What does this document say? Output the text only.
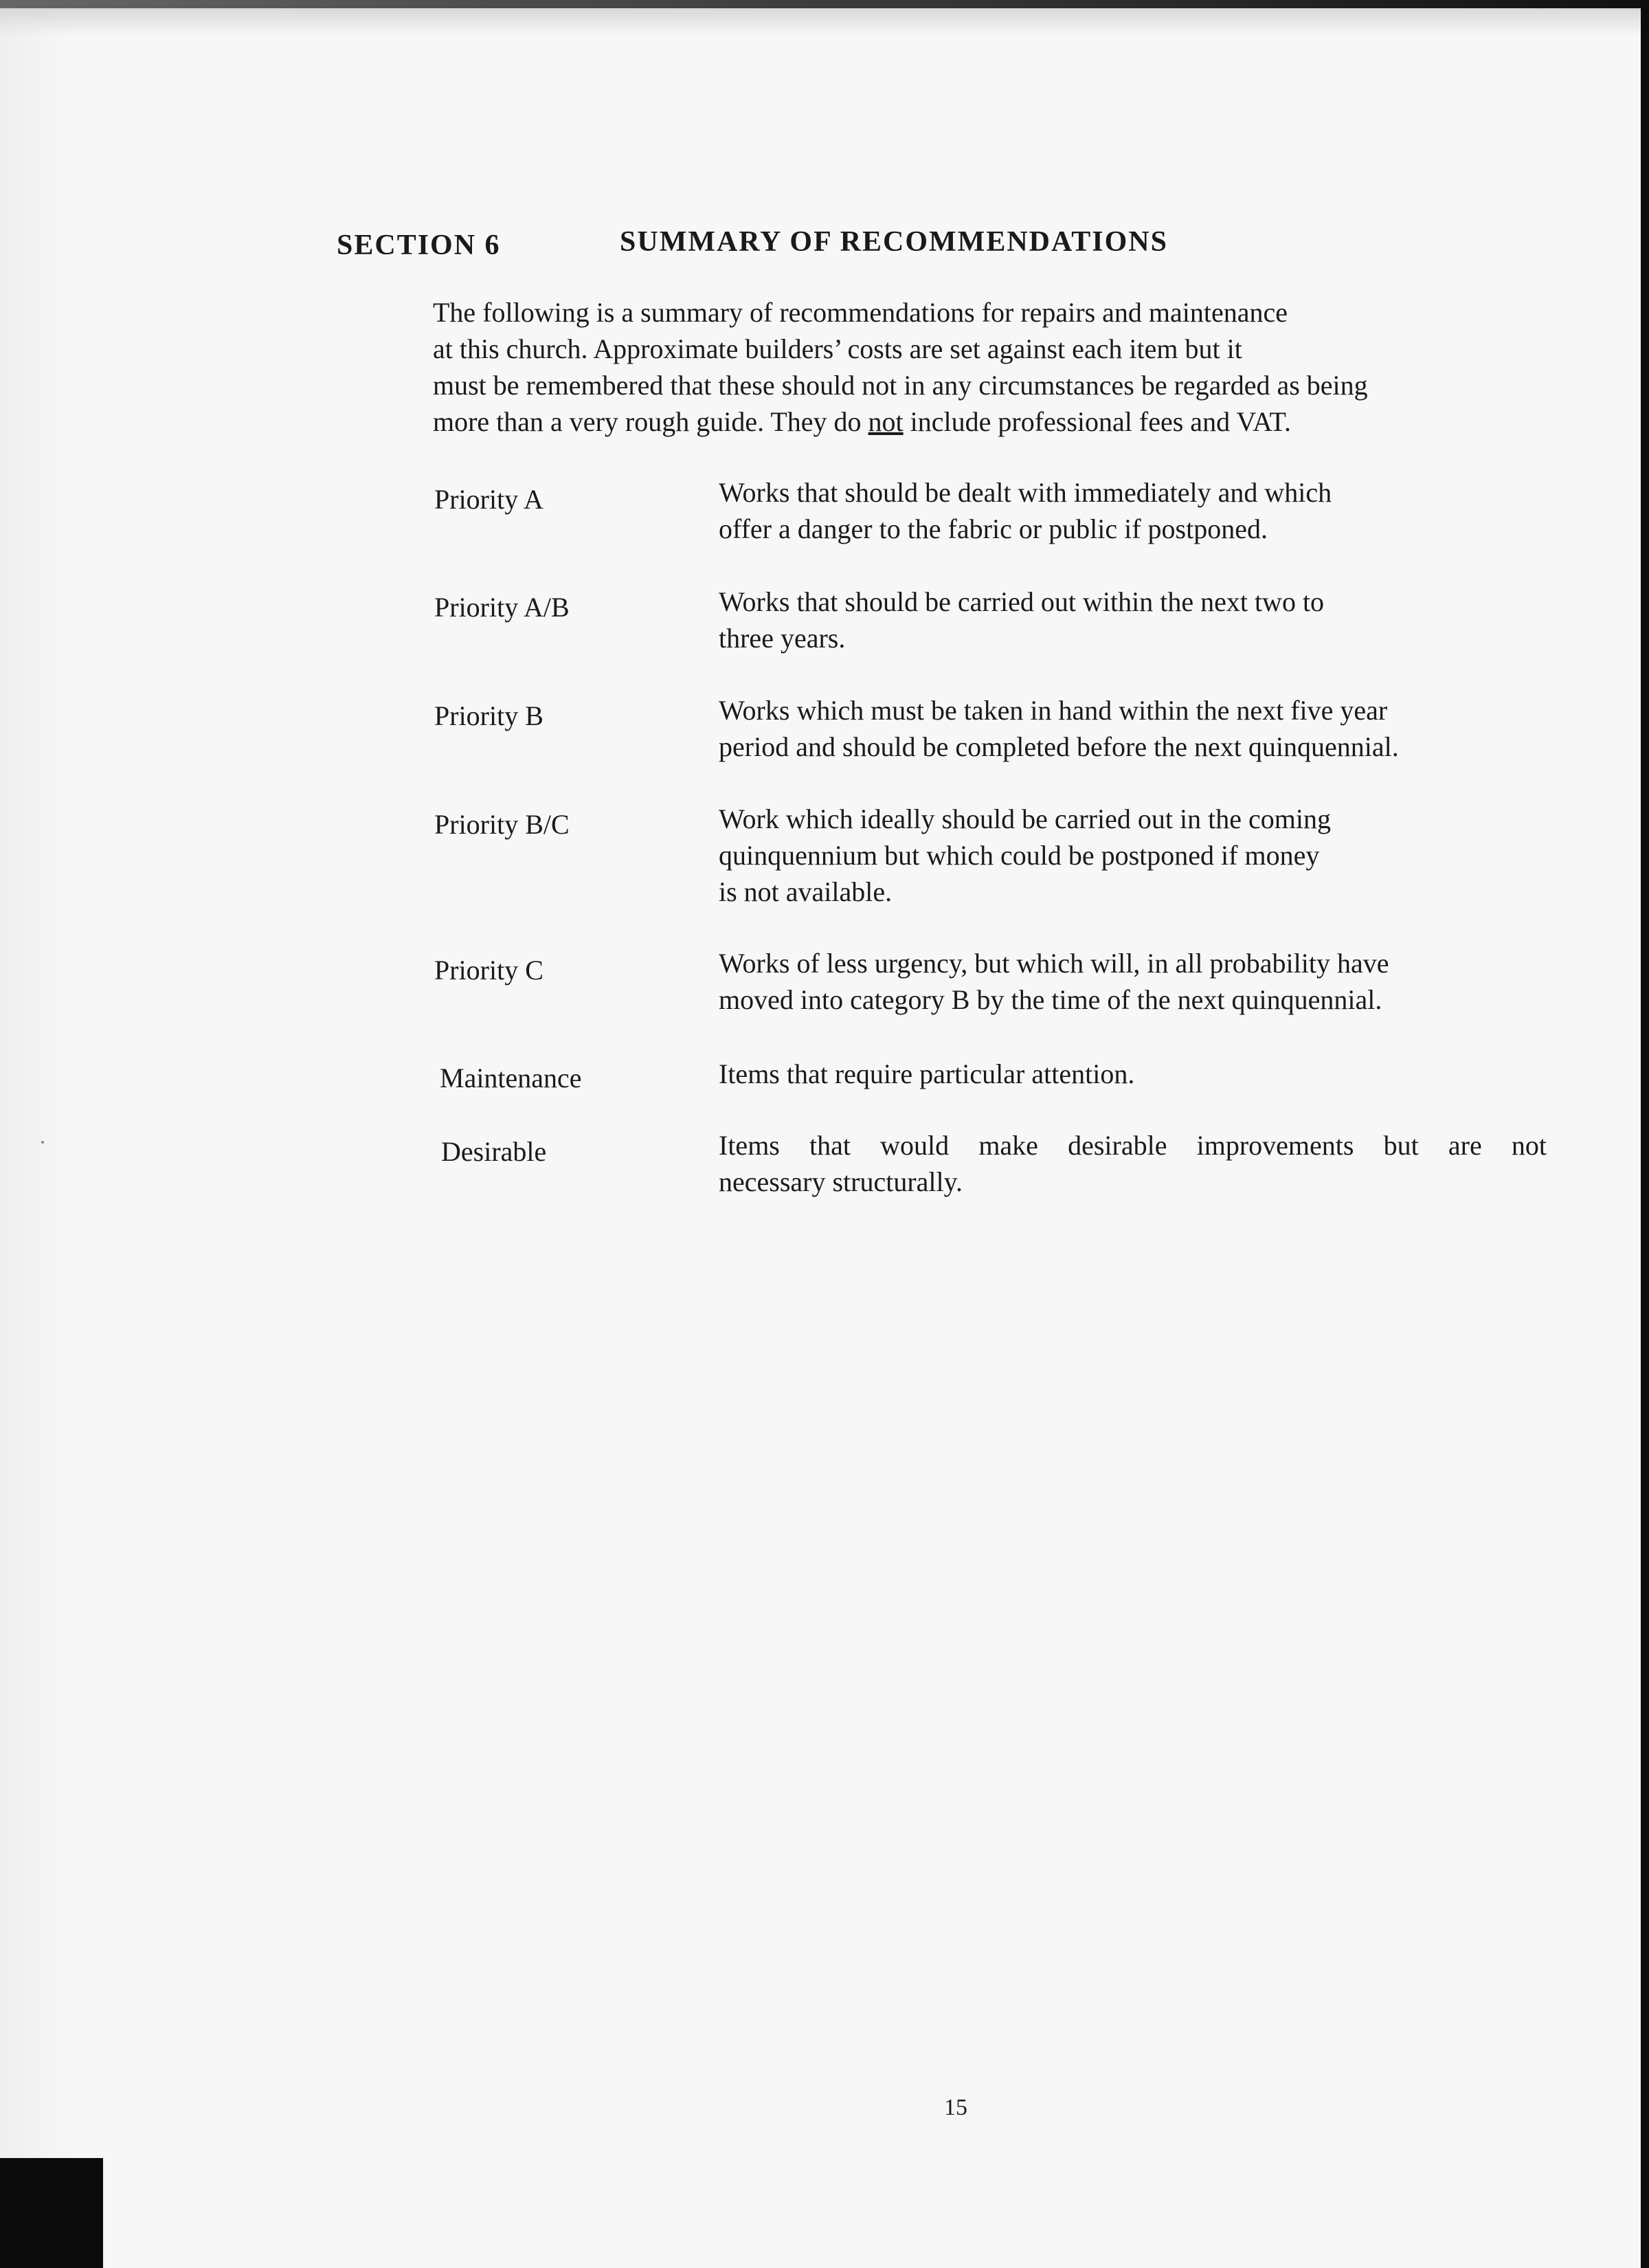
SECTION 6	SUMMARY OF RECOMMENDATIONS
The following is a summary of recommendations for repairs and maintenance
at this church. Approximate builders’ costs are set against each item but it
must be remembered that these should not in any circumstances be regarded as being
more than a very rough guide. They do not include professional fees and VAT.
Priority A	Works that should be dealt with immediately and which
offer a danger to the fabric or public if postponed.
Priority A/B	Works that should be carried out within the next two to
three years.
Priority B	Works which must be taken in hand within the next five year
period and should be completed before the next quinquennial.
Priority B/C	Work which ideally should be carried out in the coming
quinquennium but which could be postponed if money
is not available.
Priority C	Works of less urgency, but which will, in all probability have
moved into category B by the time of the next quinquennial.
Maintenance	Items that require particular attention.
Desirable	Items that would make desirable improvements but are not
necessary structurally.
15
